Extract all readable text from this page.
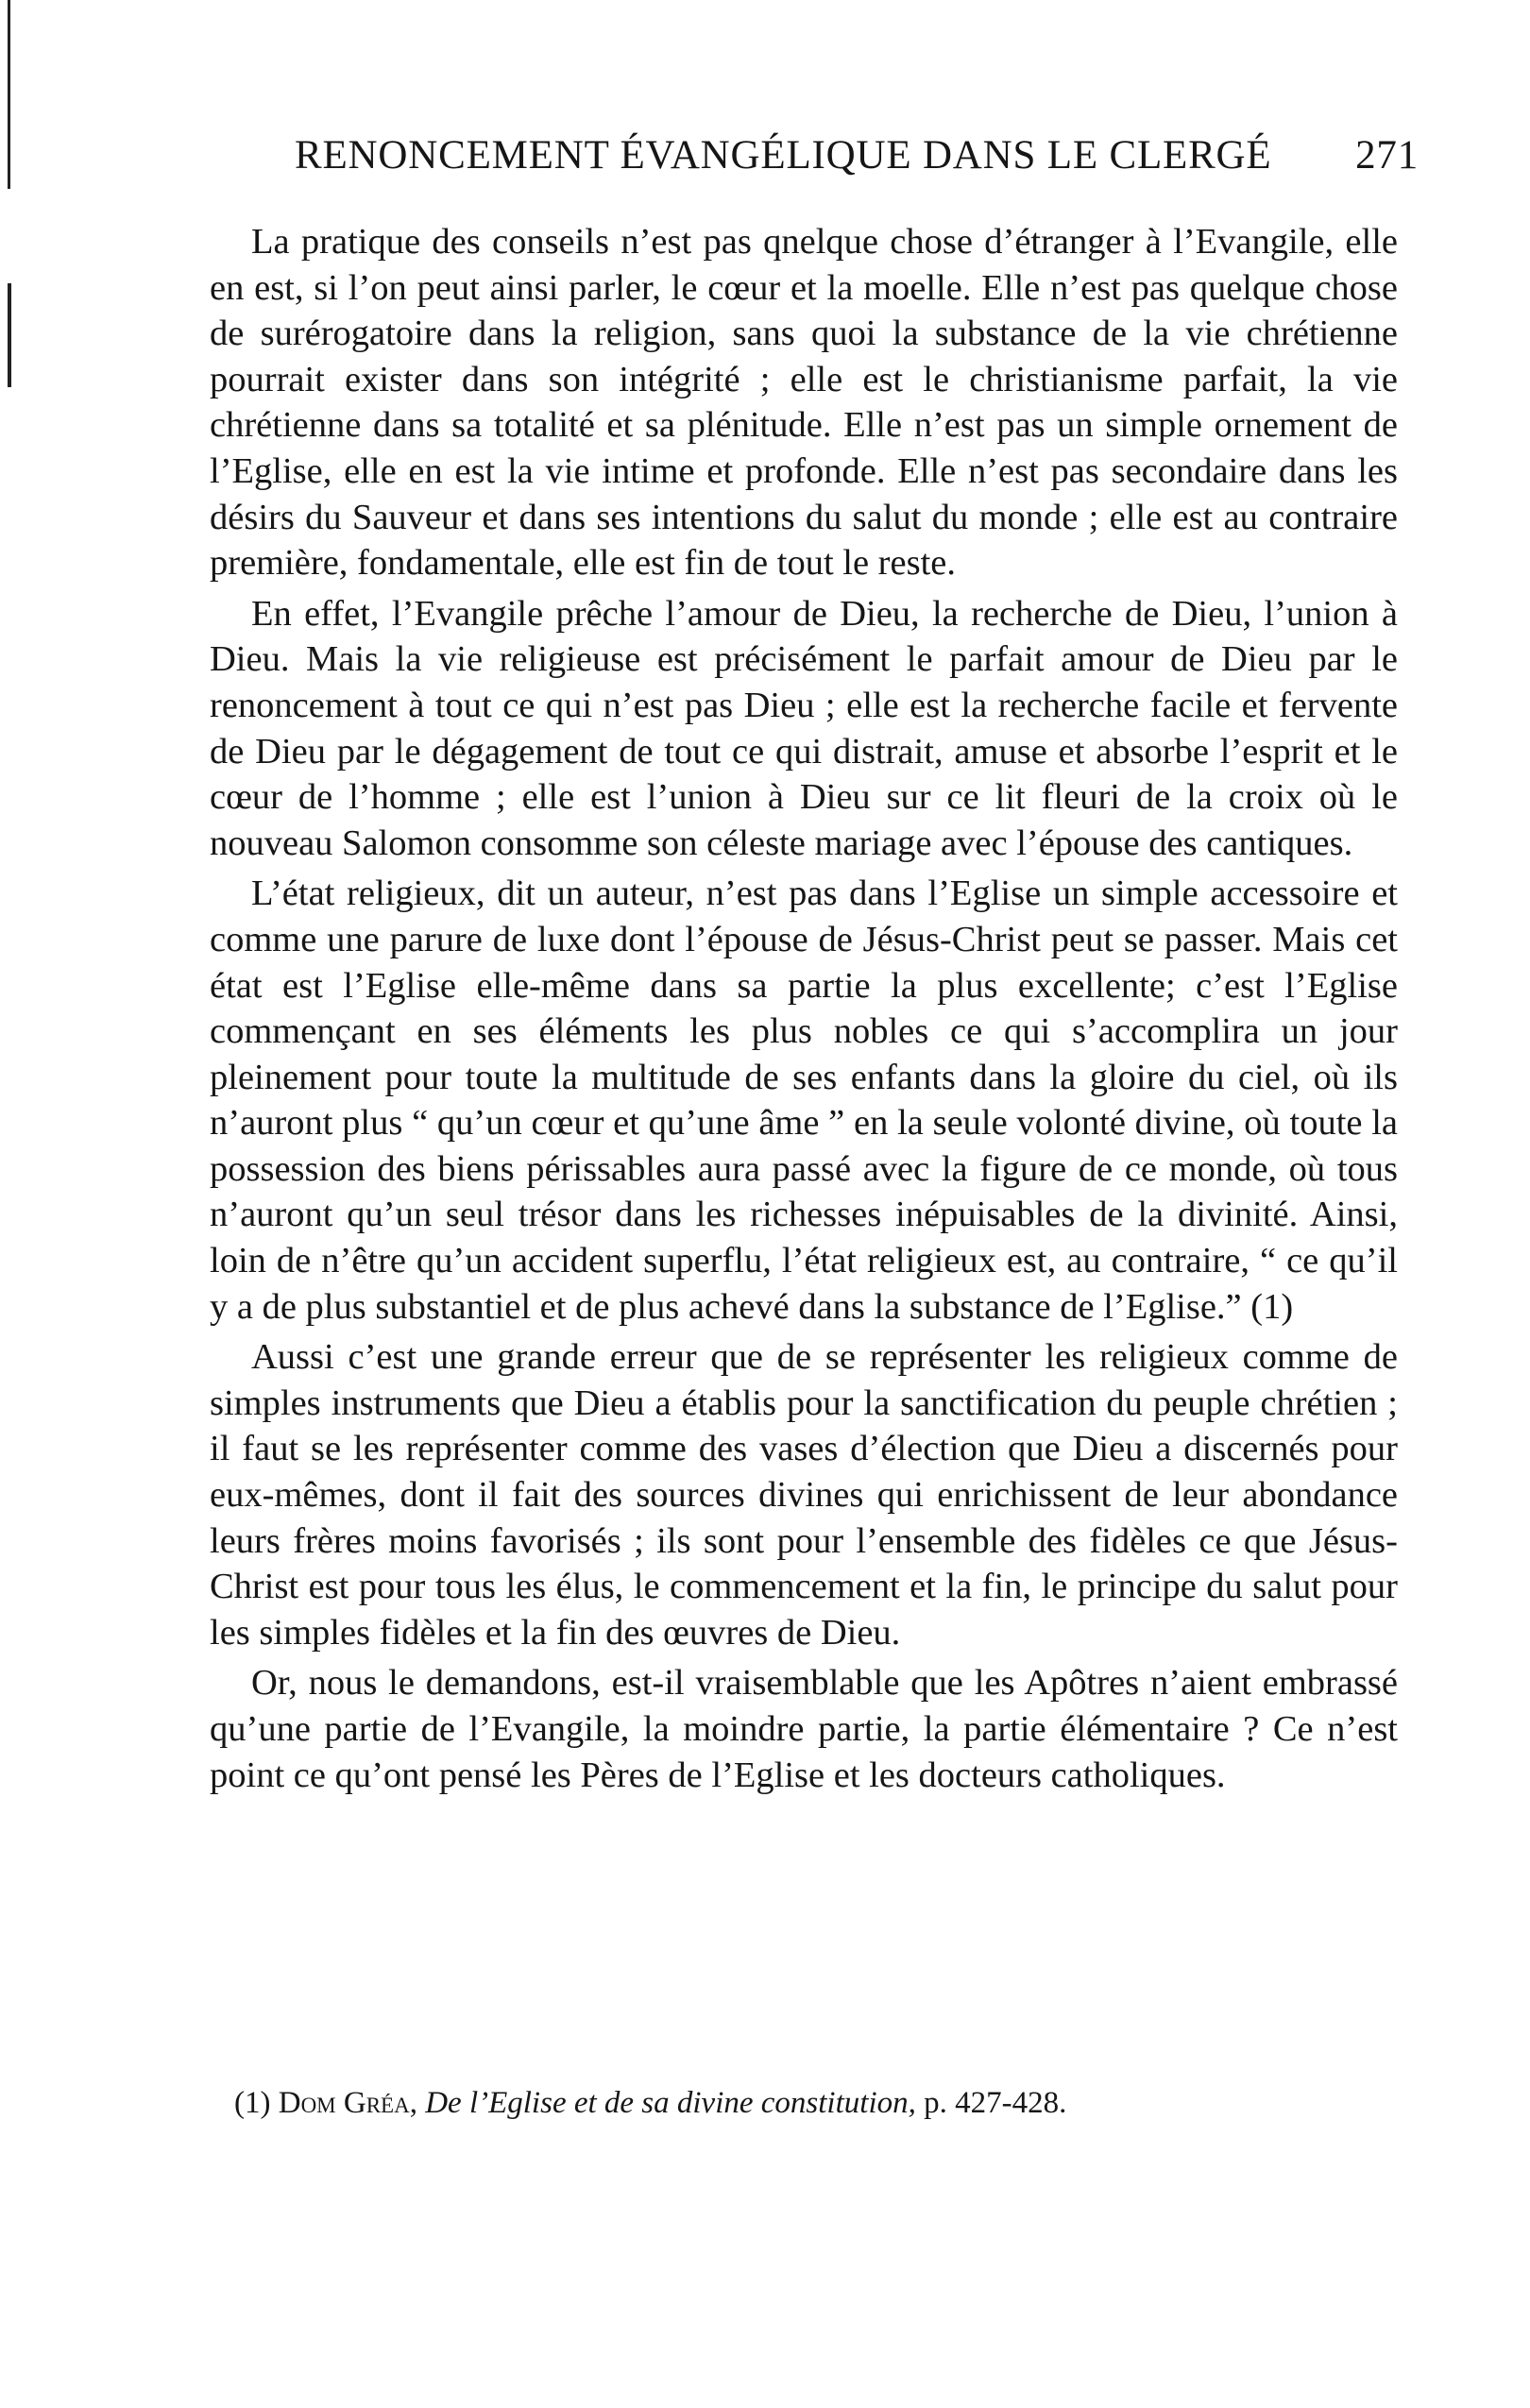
RENONCEMENT ÉVANGÉLIQUE DANS LE CLERGÉ 271

La pratique des conseils n’est pas qnelque chose d’étranger à l’Evangile, elle en est, si l’on peut ainsi parler, le cœur et la moelle. Elle n’est pas quelque chose de surérogatoire dans la religion, sans quoi la substance de la vie chrétienne pourrait exister dans son intégrité ; elle est le christianisme parfait, la vie chrétienne dans sa totalité et sa plénitude. Elle n’est pas un simple ornement de l’Eglise, elle en est la vie intime et profonde. Elle n’est pas secondaire dans les désirs du Sauveur et dans ses intentions du salut du monde ; elle est au contraire première, fondamentale, elle est fin de tout le reste.

En effet, l’Evangile prêche l’amour de Dieu, la recherche de Dieu, l’union à Dieu. Mais la vie religieuse est précisément le parfait amour de Dieu par le renoncement à tout ce qui n’est pas Dieu ; elle est la recherche facile et fervente de Dieu par le dégagement de tout ce qui distrait, amuse et absorbe l’esprit et le cœur de l’homme ; elle est l’union à Dieu sur ce lit fleuri de la croix où le nouveau Salomon consomme son céleste mariage avec l’épouse des cantiques.

L’état religieux, dit un auteur, n’est pas dans l’Eglise un simple accessoire et comme une parure de luxe dont l’épouse de Jésus-Christ peut se passer. Mais cet état est l’Eglise elle-même dans sa partie la plus excellente; c’est l’Eglise commençant en ses éléments les plus nobles ce qui s’accomplira un jour pleinement pour toute la multitude de ses enfants dans la gloire du ciel, où ils n’auront plus “ qu’un cœur et qu’une âme ” en la seule volonté divine, où toute la possession des biens périssables aura passé avec la figure de ce monde, où tous n’auront qu’un seul trésor dans les richesses inépuisables de la divinité. Ainsi, loin de n’être qu’un accident superflu, l’état religieux est, au contraire, “ ce qu’il y a de plus substantiel et de plus achevé dans la substance de l’Eglise.” (1)

Aussi c’est une grande erreur que de se représenter les religieux comme de simples instruments que Dieu a établis pour la sanctification du peuple chrétien ; il faut se les représenter comme des vases d’élection que Dieu a discernés pour eux-mêmes, dont il fait des sources divines qui enrichissent de leur abondance leurs frères moins favorisés ; ils sont pour l’ensemble des fidèles ce que Jésus-Christ est pour tous les élus, le commencement et la fin, le principe du salut pour les simples fidèles et la fin des œuvres de Dieu.

Or, nous le demandons, est-il vraisemblable que les Apôtres n’aient embrassé qu’une partie de l’Evangile, la moindre partie, la partie élémentaire ? Ce n’est point ce qu’ont pensé les Pères de l’Eglise et les docteurs catholiques.

(1) Dom Gréa, De l’Eglise et de sa divine constitution, p. 427-428.
